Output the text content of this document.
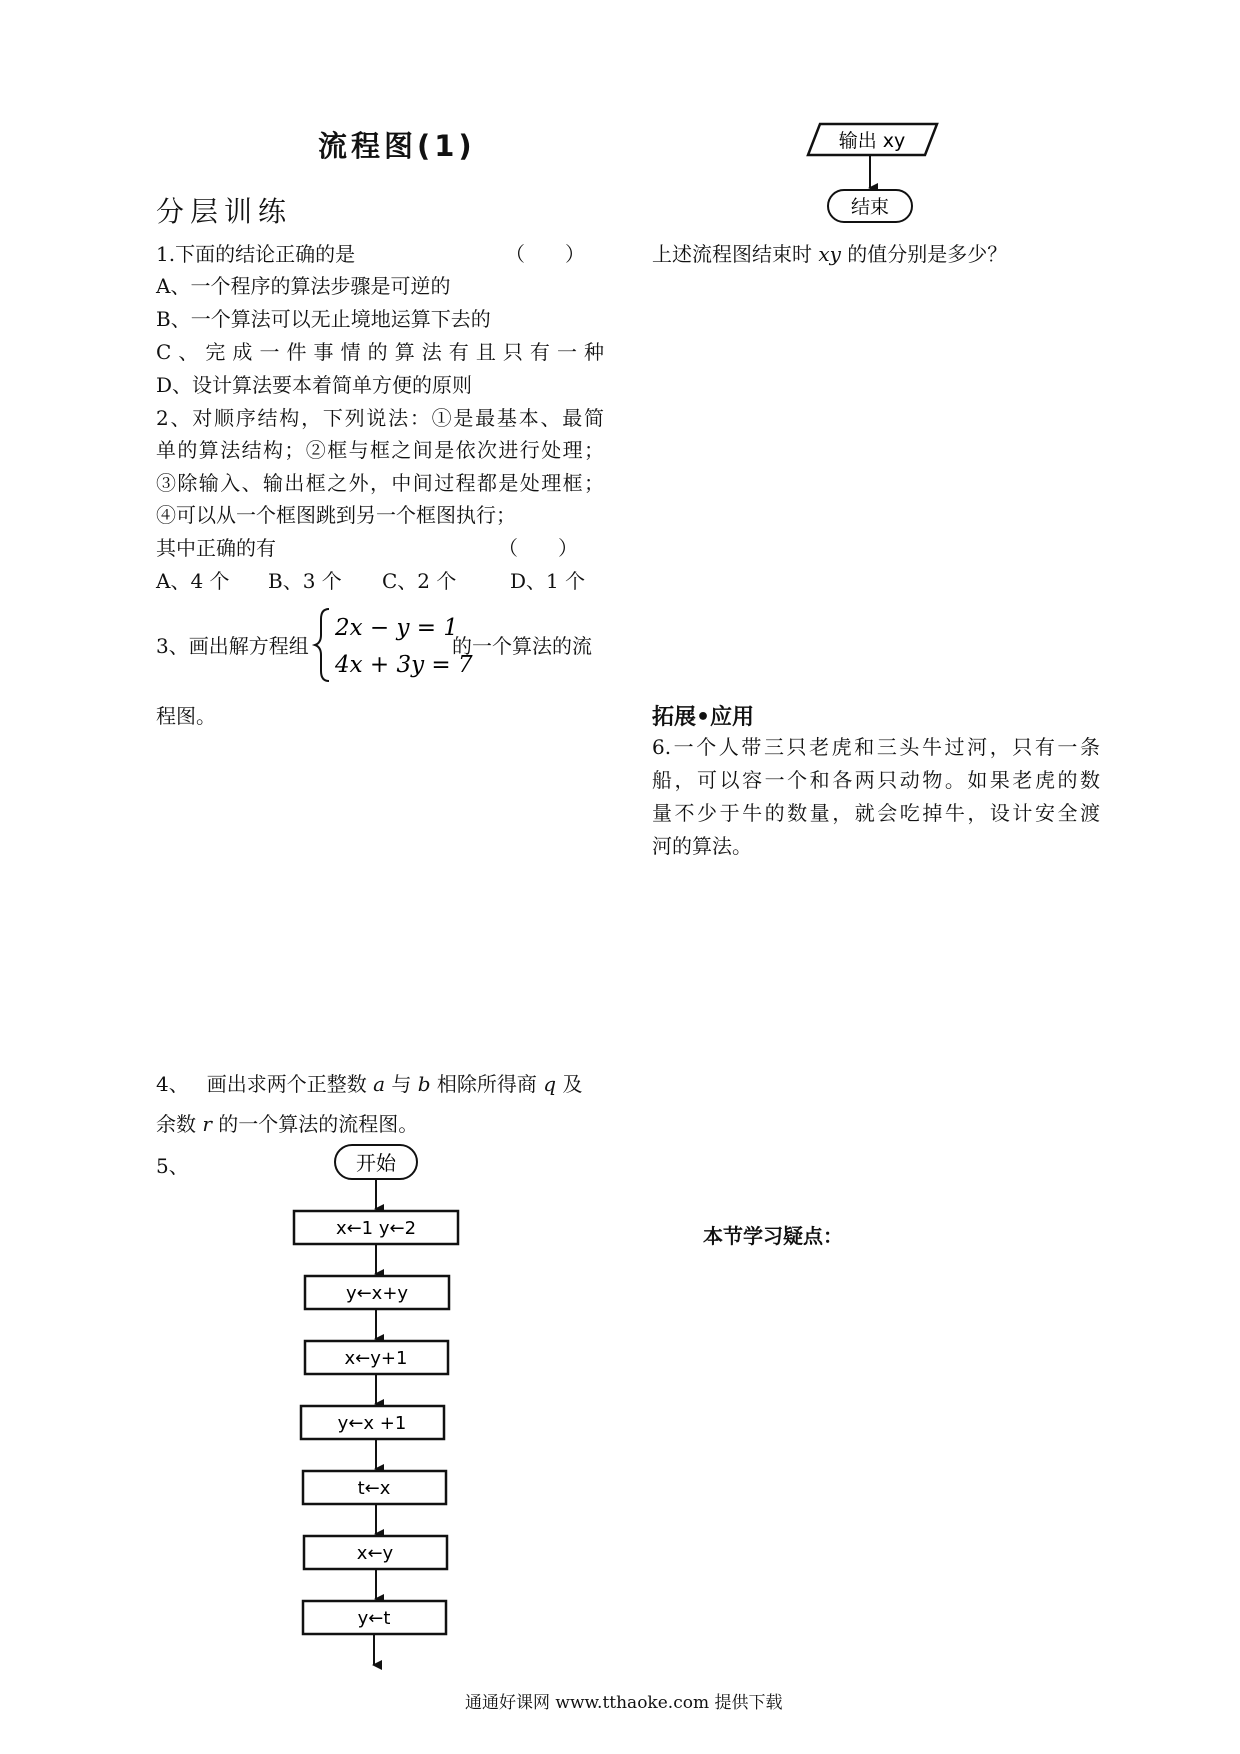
流程图(1)
分层训练
1.下面的结论正确的是	（　　）
A、一个程序的算法步骤是可逆的
B、一个算法可以无止境地运算下去的
C、完成一件事情的算法有且只有一种
D、设计算法要本着简单方便的原则
2、对顺序结构，下列说法：①是最基本、最简
单的算法结构；②框与框之间是依次进行处理；
③除输入、输出框之外，中间过程都是处理框；
④可以从一个框图跳到另一个框图执行；
其中正确的有	（　　）
A、4 个 B、3 个 C、2 个	D、1 个
3、画出解方程组
2x − y = 1
4x + 3y = 7
的一个算法的流
程图。
4、 画出求两个正整数 a 与 b 相除所得商 q 及
余数 r 的一个算法的流程图。
5、	开始
x←1 y←2
y←x+y
x←y+1
y←x +1
t←x
x←y
y←t
输出 xy
结束
上述流程图结束时 xy 的值分别是多少？
拓展•应用
6.一个人带三只老虎和三头牛过河，只有一条
船，可以容一个和各两只动物。如果老虎的数
量不少于牛的数量，就会吃掉牛，设计安全渡
河的算法。
本节学习疑点：
通通好课网 www.tthaoke.com 提供下载
